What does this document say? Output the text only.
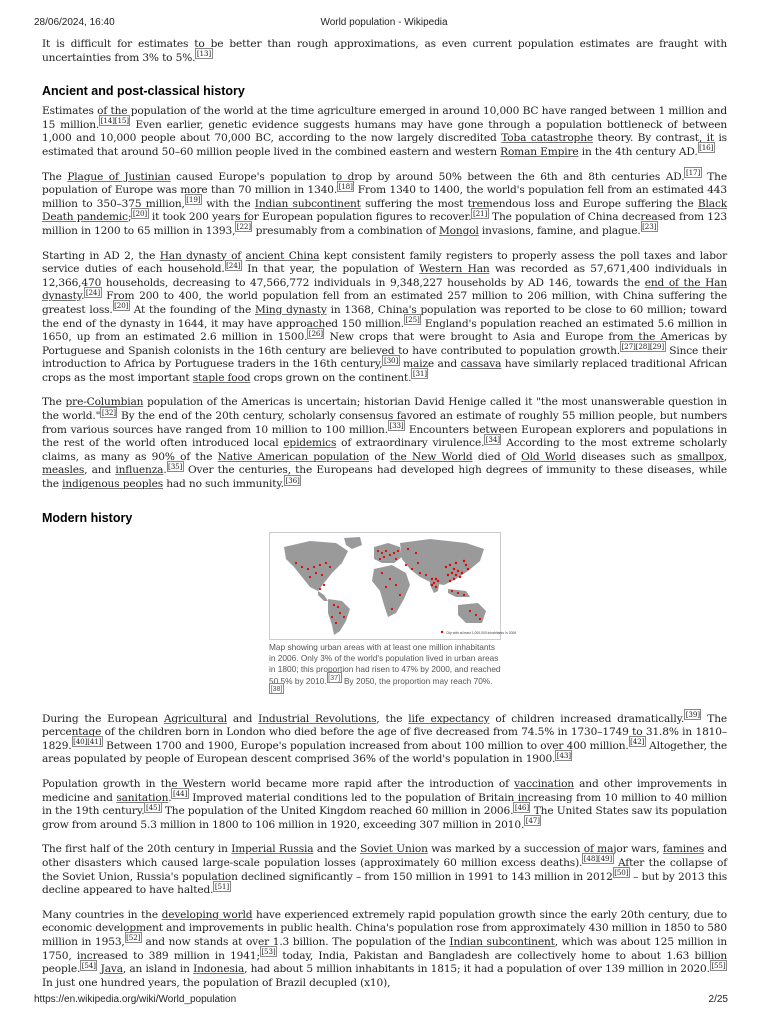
28/06/2024, 16:40	World population - Wikipedia

It is difficult for estimates to be better than rough approximations, as even current population estimates are fraught with uncertainties from 3% to 5%. [13]

Ancient and post-classical history

Estimates of the population of the world at the time agriculture emerged in around 10,000 BC have ranged between 1 million and 15 million. [14][15] Even earlier, genetic evidence suggests humans may have gone through a population bottleneck of between 1,000 and 10,000 people about 70,000 BC, according to the now largely discredited Toba catastrophe theory. By contrast, it is estimated that around 50–60 million people lived in the combined eastern and western Roman Empire in the 4th century AD. [16]

The Plague of Justinian caused Europe's population to drop by around 50% between the 6th and 8th centuries AD. [17] The population of Europe was more than 70 million in 1340. [18] From 1340 to 1400, the world's population fell from an estimated 443 million to 350–375 million, [19] with the Indian subcontinent suffering the most tremendous loss and Europe suffering the Black Death pandemic; [20] it took 200 years for European population figures to recover. [21] The population of China decreased from 123 million in 1200 to 65 million in 1393, [22] presumably from a combination of Mongol invasions, famine, and plague. [23]

Starting in AD 2, the Han dynasty of ancient China kept consistent family registers to properly assess the poll taxes and labor service duties of each household. [24] In that year, the population of Western Han was recorded as 57,671,400 individuals in 12,366,470 households, decreasing to 47,566,772 individuals in 9,348,227 households by AD 146, towards the end of the Han dynasty. [24] From 200 to 400, the world population fell from an estimated 257 million to 206 million, with China suffering the greatest loss. [20] At the founding of the Ming dynasty in 1368, China's population was reported to be close to 60 million; toward the end of the dynasty in 1644, it may have approached 150 million. [25] England's population reached an estimated 5.6 million in 1650, up from an estimated 2.6 million in 1500. [26] New crops that were brought to Asia and Europe from the Americas by Portuguese and Spanish colonists in the 16th century are believed to have contributed to population growth. [27][28][29] Since their introduction to Africa by Portuguese traders in the 16th century, [30] maize and cassava have similarly replaced traditional African crops as the most important staple food crops grown on the continent. [31]

The pre-Columbian population of the Americas is uncertain; historian David Henige called it "the most unanswerable question in the world." [32] By the end of the 20th century, scholarly consensus favored an estimate of roughly 55 million people, but numbers from various sources have ranged from 10 million to 100 million. [33] Encounters between European explorers and populations in the rest of the world often introduced local epidemics of extraordinary virulence. [34] According to the most extreme scholarly claims, as many as 90% of the Native American population of the New World died of Old World diseases such as smallpox, measles, and influenza. [35] Over the centuries, the Europeans had developed high degrees of immunity to these diseases, while the indigenous peoples had no such immunity. [36]

Modern history

During the European Agricultural and Industrial Revolutions, the life expectancy of children increased dramatically. [39] The percentage of the children born in London who died before the age of five decreased from 74.5% in 1730–1749 to 31.8% in 1810–1829. [40][41] Between 1700 and 1900, Europe's population increased from about 100 million to over 400 million. [42] Altogether, the areas populated by people of European descent comprised 36% of the world's population in 1900. [43]

Population growth in the Western world became more rapid after the introduction of vaccination and other improvements in medicine and sanitation. [44] Improved material conditions led to the population of Britain increasing from 10 million to 40 million in the 19th century. [45] The population of the United Kingdom reached 60 million in 2006. [46] The United States saw its population grow from around 5.3 million in 1800 to 106 million in 1920, exceeding 307 million in 2010. [47]

The first half of the 20th century in Imperial Russia and the Soviet Union was marked by a succession of major wars, famines and other disasters which caused large-scale population losses (approximately 60 million excess deaths). [48][49] After the collapse of the Soviet Union, Russia's population declined significantly – from 150 million in 1991 to 143 million in 2012 [50] – but by 2013 this decline appeared to have halted. [51]

Many countries in the developing world have experienced extremely rapid population growth since the early 20th century, due to economic development and improvements in public health. China's population rose from approximately 430 million in 1850 to 580 million in 1953, [52] and now stands at over 1.3 billion. The population of the Indian subcontinent, which was about 125 million in 1750, increased to 389 million in 1941; [53] today, India, Pakistan and Bangladesh are collectively home to about 1.63 billion people. [54] Java, an island in Indonesia, had about 5 million inhabitants in 1815; it had a population of over 139 million in 2020. [55] In just one hundred years, the population of Brazil decupled (x10),

City with at least 1,000,000 inhabitants in 2006
Map showing urban areas with at least one million inhabitants in 2006. Only 3% of the world's population lived in urban areas in 1800; this proportion had risen to 47% by 2000, and reached 50.5% by 2010. [37] By 2050, the proportion may reach 70%.[38]
https://en.wikipedia.org/wiki/World_population	2/25
